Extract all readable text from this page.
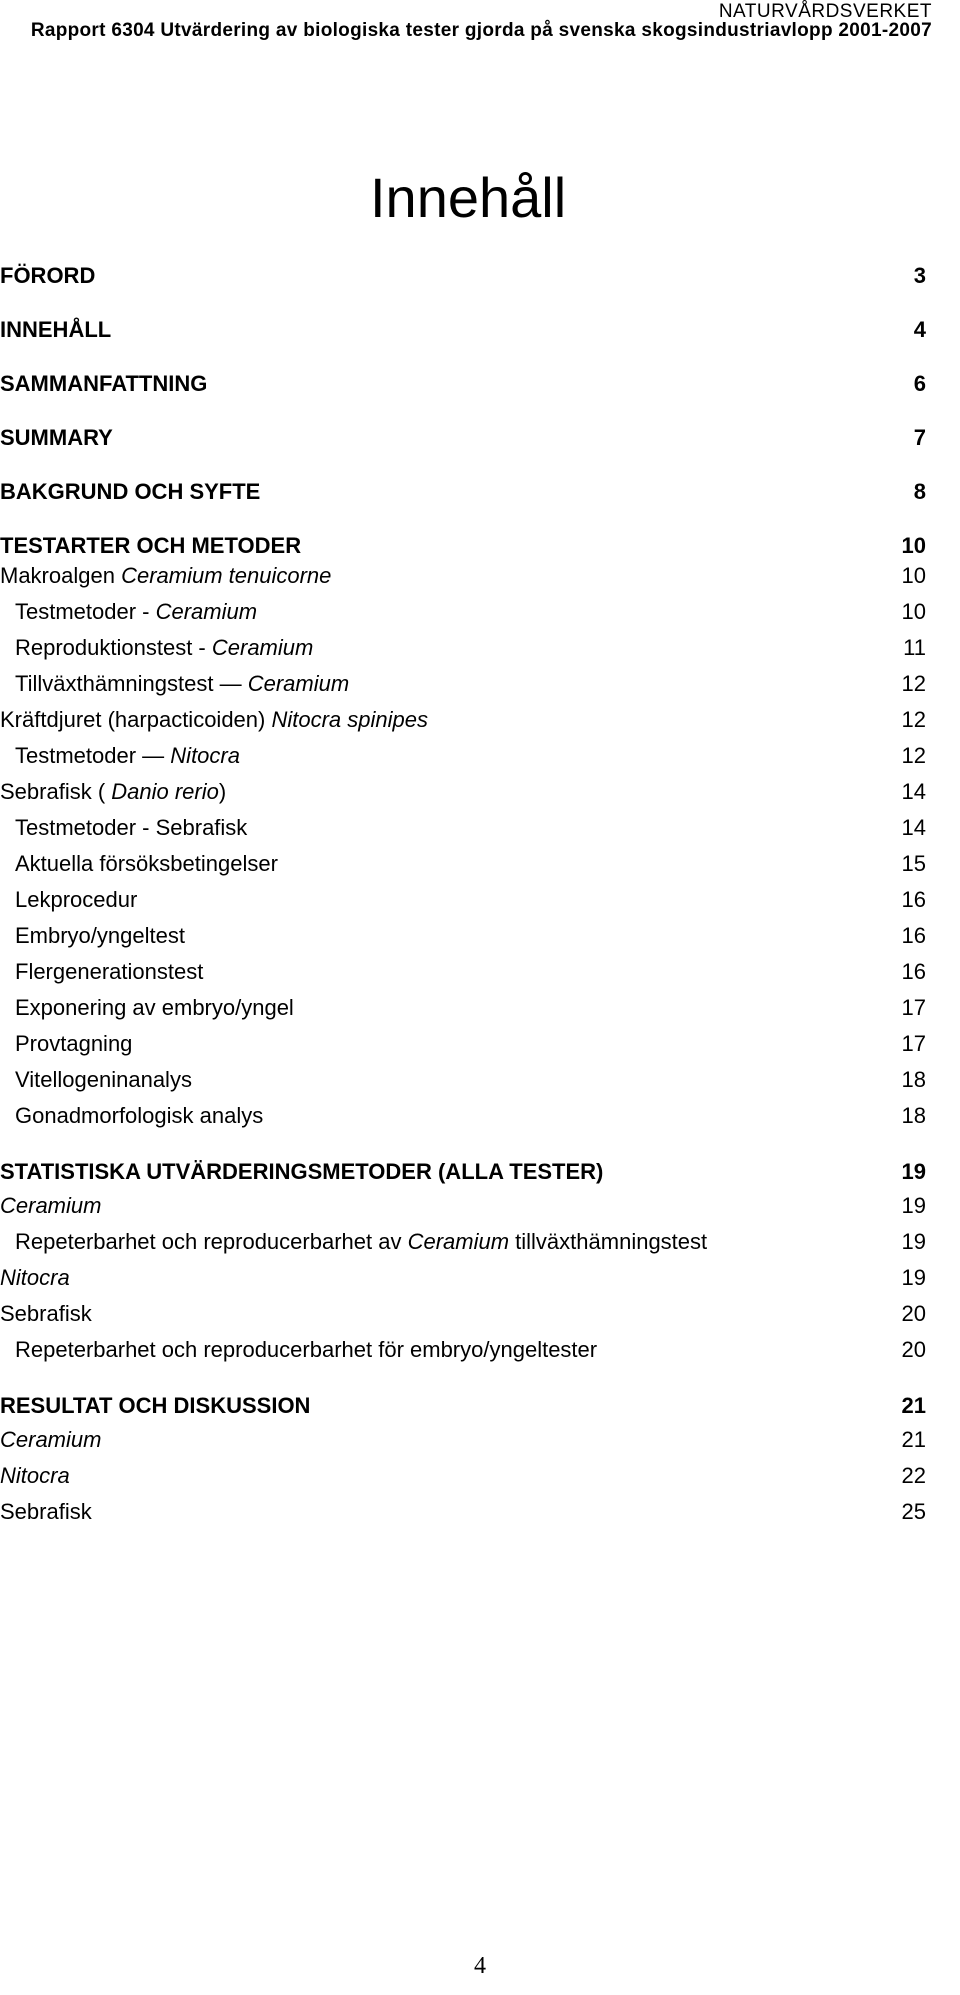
NATURVÅRDSVERKET
Rapport 6304 Utvärdering av biologiska tester gjorda på svenska skogsindustriavlopp 2001-2007
Innehåll
FÖRORD	3
INNEHÅLL	4
SAMMANFATTNING	6
SUMMARY	7
BAKGRUND OCH SYFTE	8
TESTARTER OCH METODER	10
Makroalgen Ceramium tenuicorne	10
Testmetoder - Ceramium	10
Reproduktionstest - Ceramium	11
Tillväxthämningstest — Ceramium	12
Kräftdjuret (harpacticoiden) Nitocra spinipes	12
Testmetoder — Nitocra	12
Sebrafisk ( Danio rerio)	14
Testmetoder - Sebrafisk	14
Aktuella försöksbetingelser	15
Lekprocedur	16
Embryo/yngeltest	16
Flergenerationstest	16
Exponering av embryo/yngel	17
Provtagning	17
Vitellogeninanalys	18
Gonadmorfologisk analys	18
STATISTISKA UTVÄRDERINGSMETODER (ALLA TESTER)	19
Ceramium	19
Repeterbarhet och reproducerbarhet av Ceramium tillväxthämningstest	19
Nitocra	19
Sebrafisk	20
Repeterbarhet och reproducerbarhet för embryo/yngeltester	20
RESULTAT OCH DISKUSSION	21
Ceramium	21
Nitocra	22
Sebrafisk	25
4
